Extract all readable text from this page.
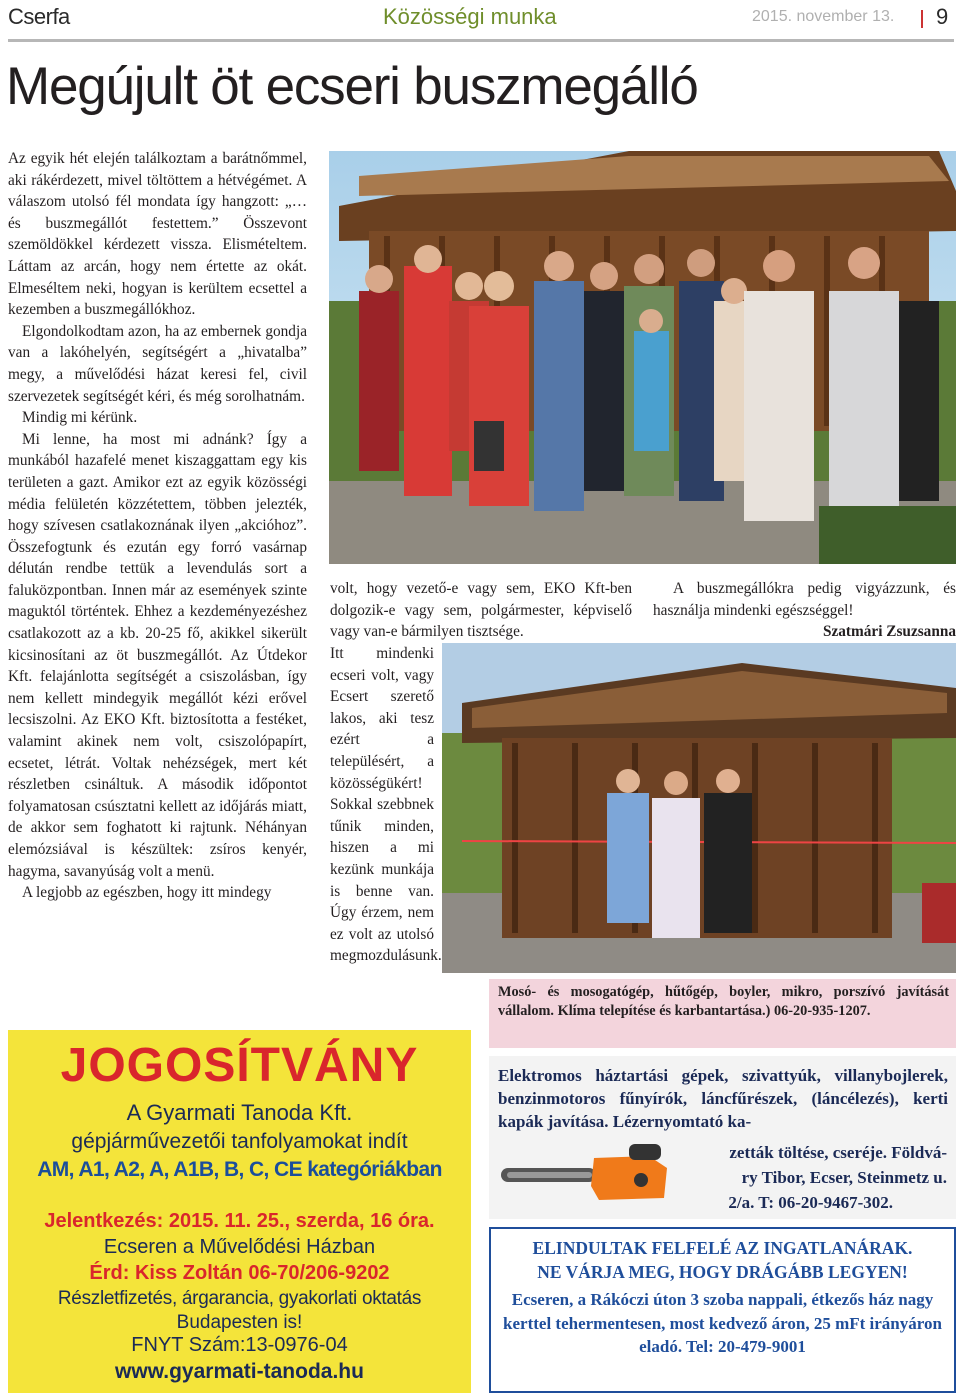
Cserfa	Közösségi munka	2015. november 13. 9
Megújult öt ecseri buszmegálló

Az egyik hét elején találkoztam a barátnőmmel, aki rákérdezett, mivel töltöttem a hétvégémet. A válaszom utolsó fél mondata így hangzott: „… és buszmegállót festettem.” Összevont szemöldökkel kérdezett vissza. Elismételtem. Láttam az arcán, hogy nem értette az okát. Elmeséltem neki, hogyan is kerültem ecsettel a kezemben a buszmegállókhoz.

Elgondolkodtam azon, ha az embernek gondja van a lakóhelyén, segítségért a „hivatalba” megy, a művelődési házat keresi fel, civil szervezetek segítségét kéri, és még sorolhatnám.

Mindig mi kérünk.

Mi lenne, ha most mi adnánk? Így a munkából hazafelé menet kiszaggattam egy kis területen a gazt. Amikor ezt az egyik közösségi média felületén közzétettem, többen jelezték, hogy szívesen csatlakoznának ilyen „akcióhoz”. Összefogtunk és ezután egy forró vasárnap délután rendbe tettük a levendulás sort a faluközpontban. Innen már az események szinte maguktól történtek. Ehhez a kezdeményezéshez csatlakozott az a kb. 20-25 fő, akikkel sikerült kicsinosítani az öt buszmegállót. Az Útdekor Kft. felajánlotta segítségét a csiszolásban, így nem kellett mindegyik megállót kézi erővel lecsiszolni. Az EKO Kft. biztosította a festéket, valamint akinek nem volt, csiszolópapírt, ecsetet, létrát. Voltak nehézségek, mert két részletben csináltuk. A második időpontot folyamatosan csúsztatni kellett az időjárás miatt, de akkor sem foghatott ki rajtunk. Néhányan elemózsiával is készültek: zsíros kenyér, hagyma, savanyúság volt a menü.

A legjobb az egészben, hogy itt mindegy

volt, hogy vezető-e vagy sem, EKO Kft-ben dolgozik-e vagy sem, polgármester, képviselő vagy van-e bármilyen tisztsége.
Itt mindenki ecseri volt, vagy Ecsert szerető lakos, aki tesz ezért a településért, a közösségükért! Sokkal szebbnek tűnik minden, hiszen a mi kezünk munkája is benne van. Úgy érzem, nem ez volt az utolsó megmozdulásunk.
A buszmegállókra pedig vigyázzunk, és használja mindenki egészséggel!
Szatmári Zsuzsanna
JOGOSÍTVÁNY
A Gyarmati Tanoda Kft.
gépjárművezetői tanfolyamokat indít
AM, A1, A2, A, A1B, B, C, CE kategóriákban
Jelentkezés: 2015. 11. 25., szerda, 16 óra.
Ecseren a Művelődési Házban
Érd: Kiss Zoltán 06-70/206-9202
Részletfizetés, árgarancia, gyakorlati oktatás
Budapesten is!
FNYT Szám:13-0976-04
www.gyarmati-tanoda.hu
Mosó- és mosogatógép, hűtőgép, boyler, mikro, porszívó javítását vállalom. Klíma telepítése és karbantartása.) 06-20-935-1207.
Elektromos háztartási gépek, szivattyúk, villanybojlerek, benzinmotoros fűnyírók, láncfűrészek, (láncélezés), kerti kapák javítása. Lézernyomtató ka-
zetták töltése, cseréje. Földvá-
ry Tibor, Ecser, Steinmetz u.
2/a. T: 06-20-9467-302.
ELINDULTAK FELFELÉ AZ INGATLANÁRAK. NE VÁRJA MEG, HOGY DRÁGÁBB LEGYEN!
Ecseren, a Rákóczi úton 3 szoba nappali, étkezős ház nagy kerttel tehermentesen, most kedvező áron, 25 mFt irányáron eladó. Tel: 20-479-9001
